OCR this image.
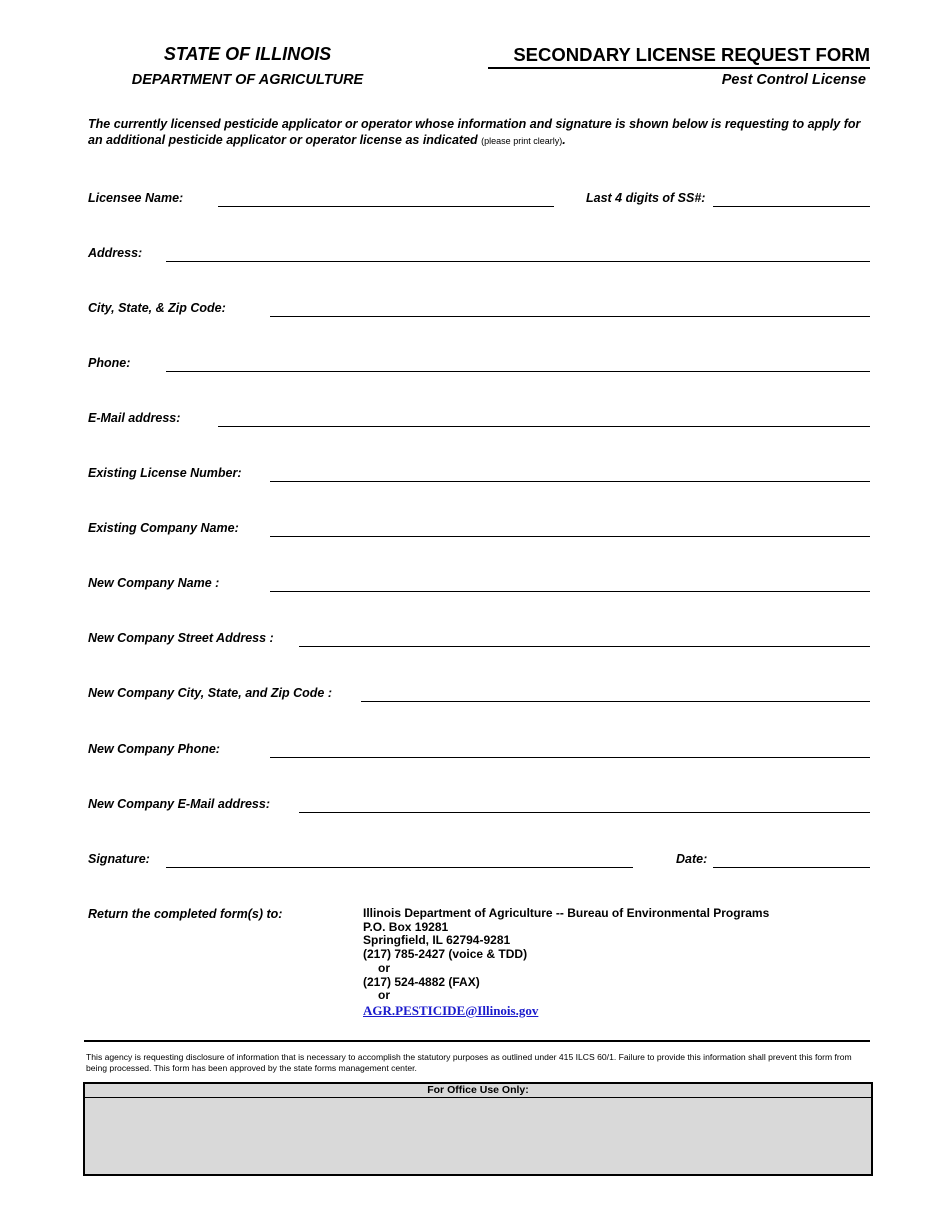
STATE OF ILLINOIS
DEPARTMENT OF AGRICULTURE
SECONDARY LICENSE REQUEST FORM
Pest Control License
The currently licensed pesticide applicator or operator whose information and signature is shown below is requesting to apply for an additional pesticide applicator or operator license as indicated (please print clearly).
Licensee Name:	Last 4 digits of SS#:
Address:
City, State, & Zip Code:
Phone:
E-Mail address:
Existing License Number:
Existing Company Name:
New Company Name :
New Company Street Address :
New Company City, State, and Zip Code :
New Company Phone:
New Company E-Mail address:
Signature:	Date:
Return the completed form(s) to:	Illinois Department of Agriculture -- Bureau of Environmental Programs
P.O. Box 19281
Springfield, IL 62794-9281
(217) 785-2427 (voice & TDD)
or
(217) 524-4882 (FAX)
or
AGR.PESTICIDE@Illinois.gov
This agency is requesting disclosure of information that is necessary to accomplish the statutory purposes as outlined under 415 ILCS 60/1. Failure to provide this information shall prevent this form from being processed. This form has been approved by the state forms management center.
For Office Use Only:
